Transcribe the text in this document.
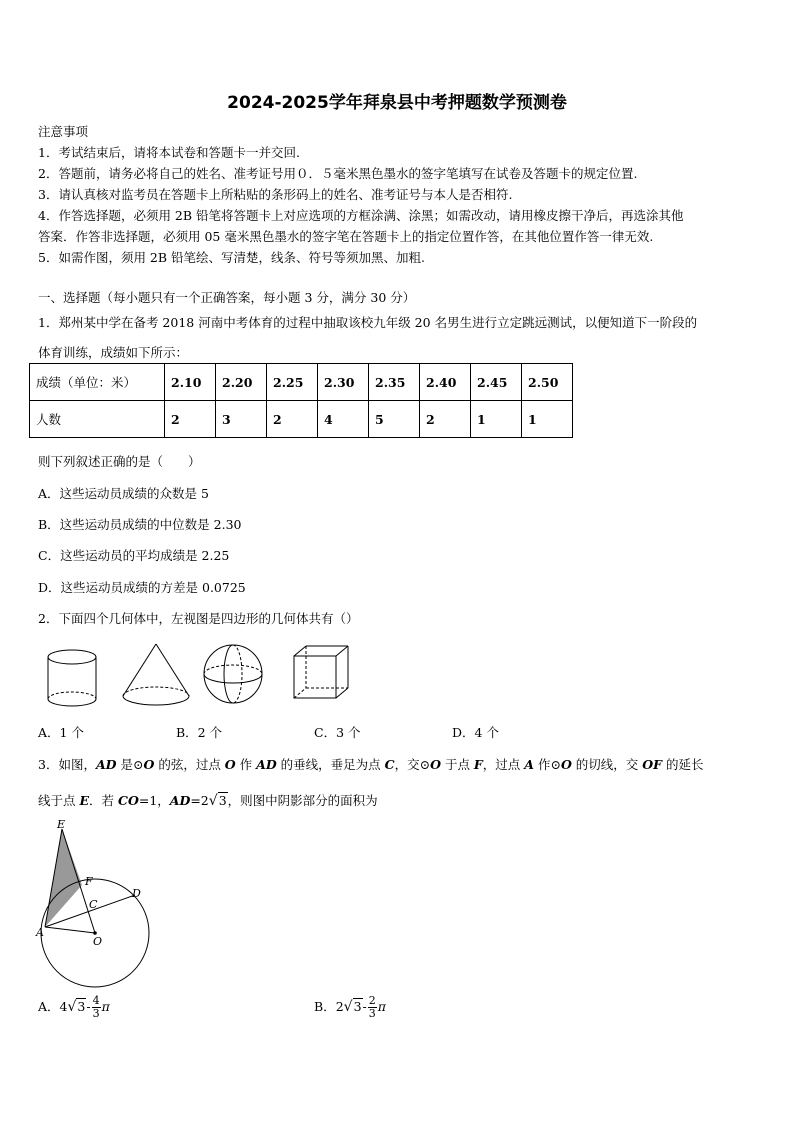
2024-2025学年拜泉县中考押题数学预测卷
注意事项
1．考试结束后，请将本试卷和答题卡一并交回.
2．答题前，请务必将自己的姓名、准考证号用０．５毫米黑色墨水的签字笔填写在试卷及答题卡的规定位置.
3．请认真核对监考员在答题卡上所粘贴的条形码上的姓名、准考证号与本人是否相符.
4．作答选择题，必须用 2B 铅笔将答题卡上对应选项的方框涂满、涂黑；如需改动，请用橡皮擦干净后，再选涂其他
答案．作答非选择题，必须用 05 毫米黑色墨水的签字笔在答题卡上的指定位置作答，在其他位置作答一律无效.
5．如需作图，须用 2B 铅笔绘、写清楚，线条、符号等须加黑、加粗.
一、选择题（每小题只有一个正确答案，每小题 3 分，满分 30 分）
1．郑州某中学在备考 2018 河南中考体育的过程中抽取该校九年级 20 名男生进行立定跳远测试，以便知道下一阶段的
体育训练，成绩如下所示：
成绩（单位：米）	2.10	2.20	2.25	2.30	2.35	2.40	2.45	2.50
人数	2	3	2	4	5	2	1	1
则下列叙述正确的是（　　）
A．这些运动员成绩的众数是 5
B．这些运动员成绩的中位数是 2.30
C．这些运动员的平均成绩是 2.25
D．这些运动员成绩的方差是 0.0725
2．下面四个几何体中，左视图是四边形的几何体共有（）
A．1 个	B．2 个	C．3 个	D．4 个
3．如图，AD 是⊙O 的弦，过点 O 作 AD 的垂线，垂足为点 C，交⊙O 于点 F，过点 A 作⊙O 的切线，交 OF 的延长
线于点 E．若 CO=1，AD=2√3，则图中阴影部分的面积为
E
F
D
C
A
O
A．$4√3- \frac{4}{3}$ π	B．$2√3- \frac{2}{3}$ π
